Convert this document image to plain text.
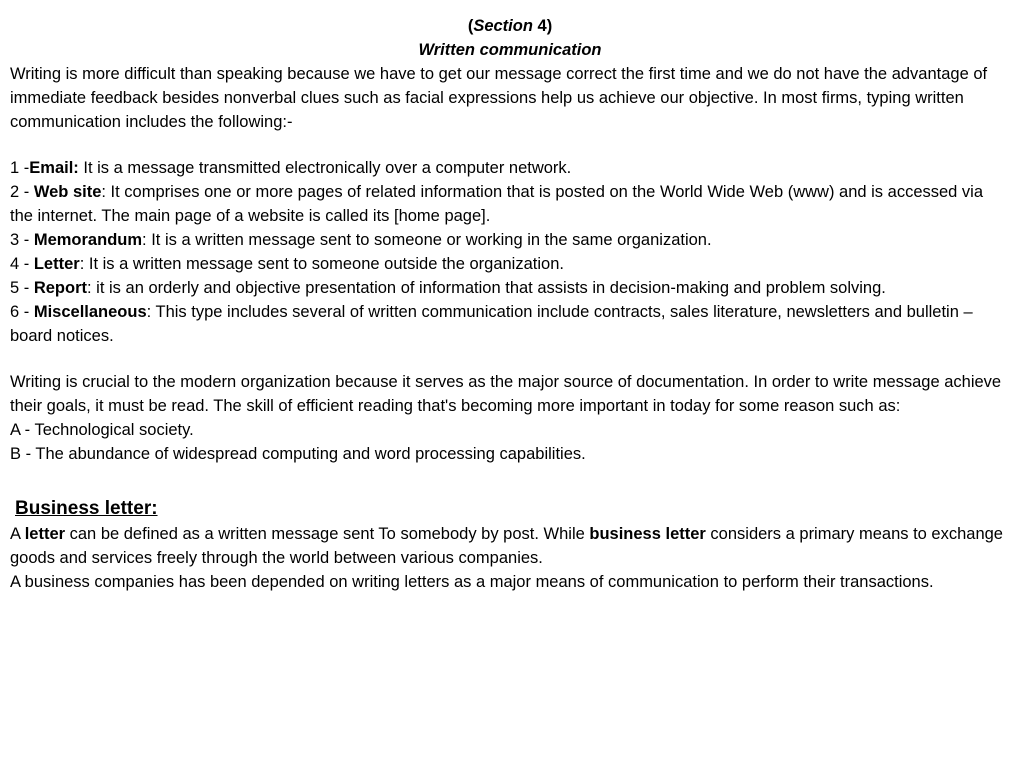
(Section 4)
Written communication

Writing is more difficult than speaking because we have to get our message correct the first time and we do not have the advantage of immediate feedback besides nonverbal clues such as facial expressions help us achieve our objective. In most firms, typing written communication includes the following:-

1 -Email: It is a message transmitted electronically over a computer network.

2 - Web site: It comprises one or more pages of related information that is posted on the World Wide Web (www) and is accessed via the internet. The main page of a website is called its [home page].

3 - Memorandum: It is a written message sent to someone or working in the same organization.

4 - Letter: It is a written message sent to someone outside the organization.

5 - Report: it is an orderly and objective presentation of information that assists in decision-making and problem solving.

6 - Miscellaneous: This type includes several of written communication include contracts, sales literature, newsletters and bulletin – board notices.

Writing is crucial to the modern organization because it serves as the major source of documentation. In order to write message achieve their goals, it must be read. The skill of efficient reading that's becoming more important in today for some reason such as:

A - Technological society.

B - The abundance of widespread computing and word processing capabilities.

Business letter:

A letter can be defined as a written message sent To somebody by post. While business letter considers a primary means to exchange goods and services freely through the world between various companies.

A business companies has been depended on writing letters as a major means of communication to perform their transactions.
